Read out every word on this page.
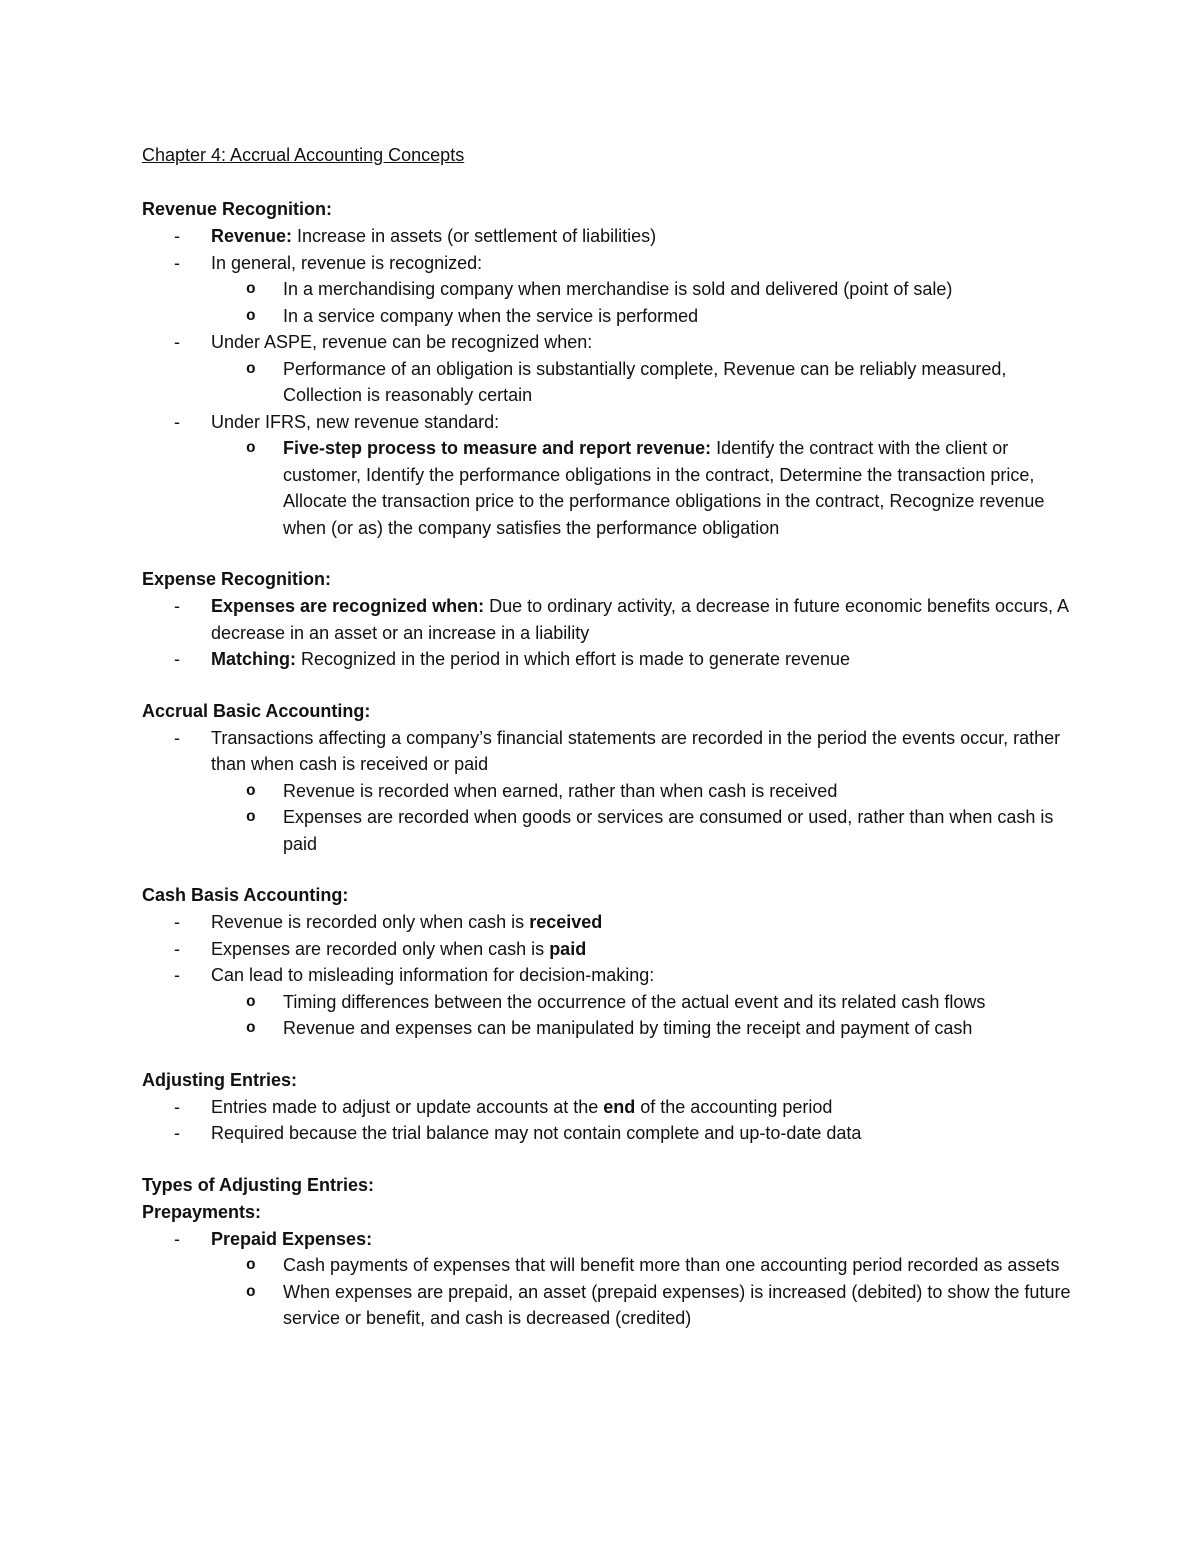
Chapter 4: Accrual Accounting Concepts
Revenue Recognition:
- Revenue: Increase in assets (or settlement of liabilities)
- In general, revenue is recognized:
o In a merchandising company when merchandise is sold and delivered (point of sale)
o In a service company when the service is performed
- Under ASPE, revenue can be recognized when:
o Performance of an obligation is substantially complete, Revenue can be reliably measured, Collection is reasonably certain
- Under IFRS, new revenue standard:
o Five-step process to measure and report revenue: Identify the contract with the client or customer, Identify the performance obligations in the contract, Determine the transaction price, Allocate the transaction price to the performance obligations in the contract, Recognize revenue when (or as) the company satisfies the performance obligation
Expense Recognition:
- Expenses are recognized when: Due to ordinary activity, a decrease in future economic benefits occurs, A decrease in an asset or an increase in a liability
- Matching: Recognized in the period in which effort is made to generate revenue
Accrual Basic Accounting:
- Transactions affecting a company’s financial statements are recorded in the period the events occur, rather than when cash is received or paid
o Revenue is recorded when earned, rather than when cash is received
o Expenses are recorded when goods or services are consumed or used, rather than when cash is paid
Cash Basis Accounting:
- Revenue is recorded only when cash is received
- Expenses are recorded only when cash is paid
- Can lead to misleading information for decision-making:
o Timing differences between the occurrence of the actual event and its related cash flows
o Revenue and expenses can be manipulated by timing the receipt and payment of cash
Adjusting Entries:
- Entries made to adjust or update accounts at the end of the accounting period
- Required because the trial balance may not contain complete and up-to-date data
Types of Adjusting Entries:
Prepayments:
- Prepaid Expenses:
o Cash payments of expenses that will benefit more than one accounting period recorded as assets
o When expenses are prepaid, an asset (prepaid expenses) is increased (debited) to show the future service or benefit, and cash is decreased (credited)
